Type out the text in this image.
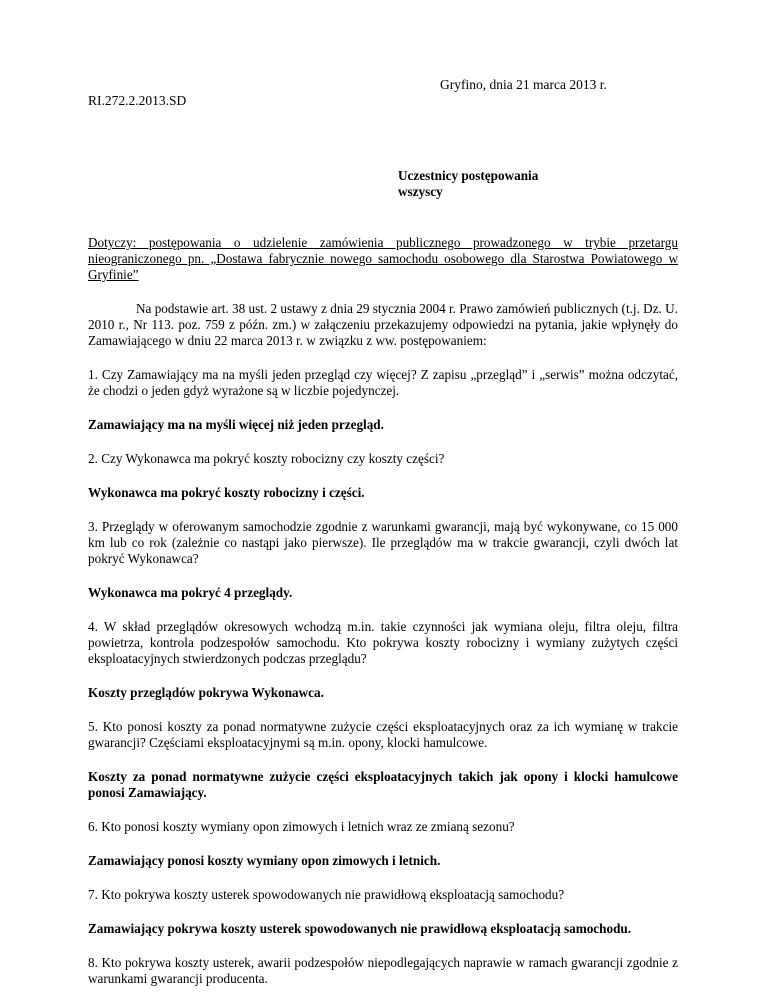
Gryfino, dnia 21 marca 2013 r.
RI.272.2.2013.SD
Uczestnicy postępowania
wszyscy

Dotyczy: postępowania o udzielenie zamówienia publicznego prowadzonego w trybie przetargu nieograniczonego pn. „Dostawa fabrycznie nowego samochodu osobowego dla Starostwa Powiatowego w Gryfinie”

Na podstawie art. 38 ust. 2 ustawy z dnia 29 stycznia 2004 r. Prawo zamówień publicznych (t.j. Dz. U. 2010 r., Nr 113. poz. 759 z późn. zm.) w załączeniu przekazujemy odpowiedzi na pytania, jakie wpłynęły do Zamawiającego w dniu 22 marca 2013 r. w związku z ww. postępowaniem:

1. Czy Zamawiający ma na myśli jeden przegląd czy więcej? Z zapisu „przegląd” i „serwis” można odczytać, że chodzi o jeden gdyż wyrażone są w liczbie pojedynczej.

Zamawiający ma na myśli więcej niż jeden przegląd.

2. Czy Wykonawca ma pokryć koszty robocizny czy koszty części?

Wykonawca ma pokryć koszty robocizny i części.

3. Przeglądy w oferowanym samochodzie zgodnie z warunkami gwarancji, mają być wykonywane, co 15 000 km lub co rok (zależnie co nastąpi jako pierwsze). Ile przeglądów ma w trakcie gwarancji, czyli dwóch lat pokryć Wykonawca?

Wykonawca ma pokryć 4 przeglądy.

4. W skład przeglądów okresowych wchodzą m.in. takie czynności jak wymiana oleju, filtra oleju, filtra powietrza, kontrola podzespołów samochodu. Kto pokrywa koszty robocizny i wymiany zużytych części eksploatacyjnych stwierdzonych podczas przeglądu?

Koszty przeglądów pokrywa Wykonawca.

5. Kto ponosi koszty za ponad normatywne zużycie części eksploatacyjnych oraz za ich wymianę w trakcie gwarancji? Częściami eksploatacyjnymi są m.in. opony, klocki hamulcowe.

Koszty za ponad normatywne zużycie części eksploatacyjnych takich jak opony i klocki hamulcowe ponosi Zamawiający.

6. Kto ponosi koszty wymiany opon zimowych i letnich wraz ze zmianą sezonu?

Zamawiający ponosi koszty wymiany opon zimowych i letnich.

7. Kto pokrywa koszty usterek spowodowanych nie prawidłową eksploatacją samochodu?

Zamawiający pokrywa koszty usterek spowodowanych nie prawidłową eksploatacją samochodu.

8. Kto pokrywa koszty usterek, awarii podzespołów niepodlegających naprawie w ramach gwarancji zgodnie z warunkami gwarancji producenta.
